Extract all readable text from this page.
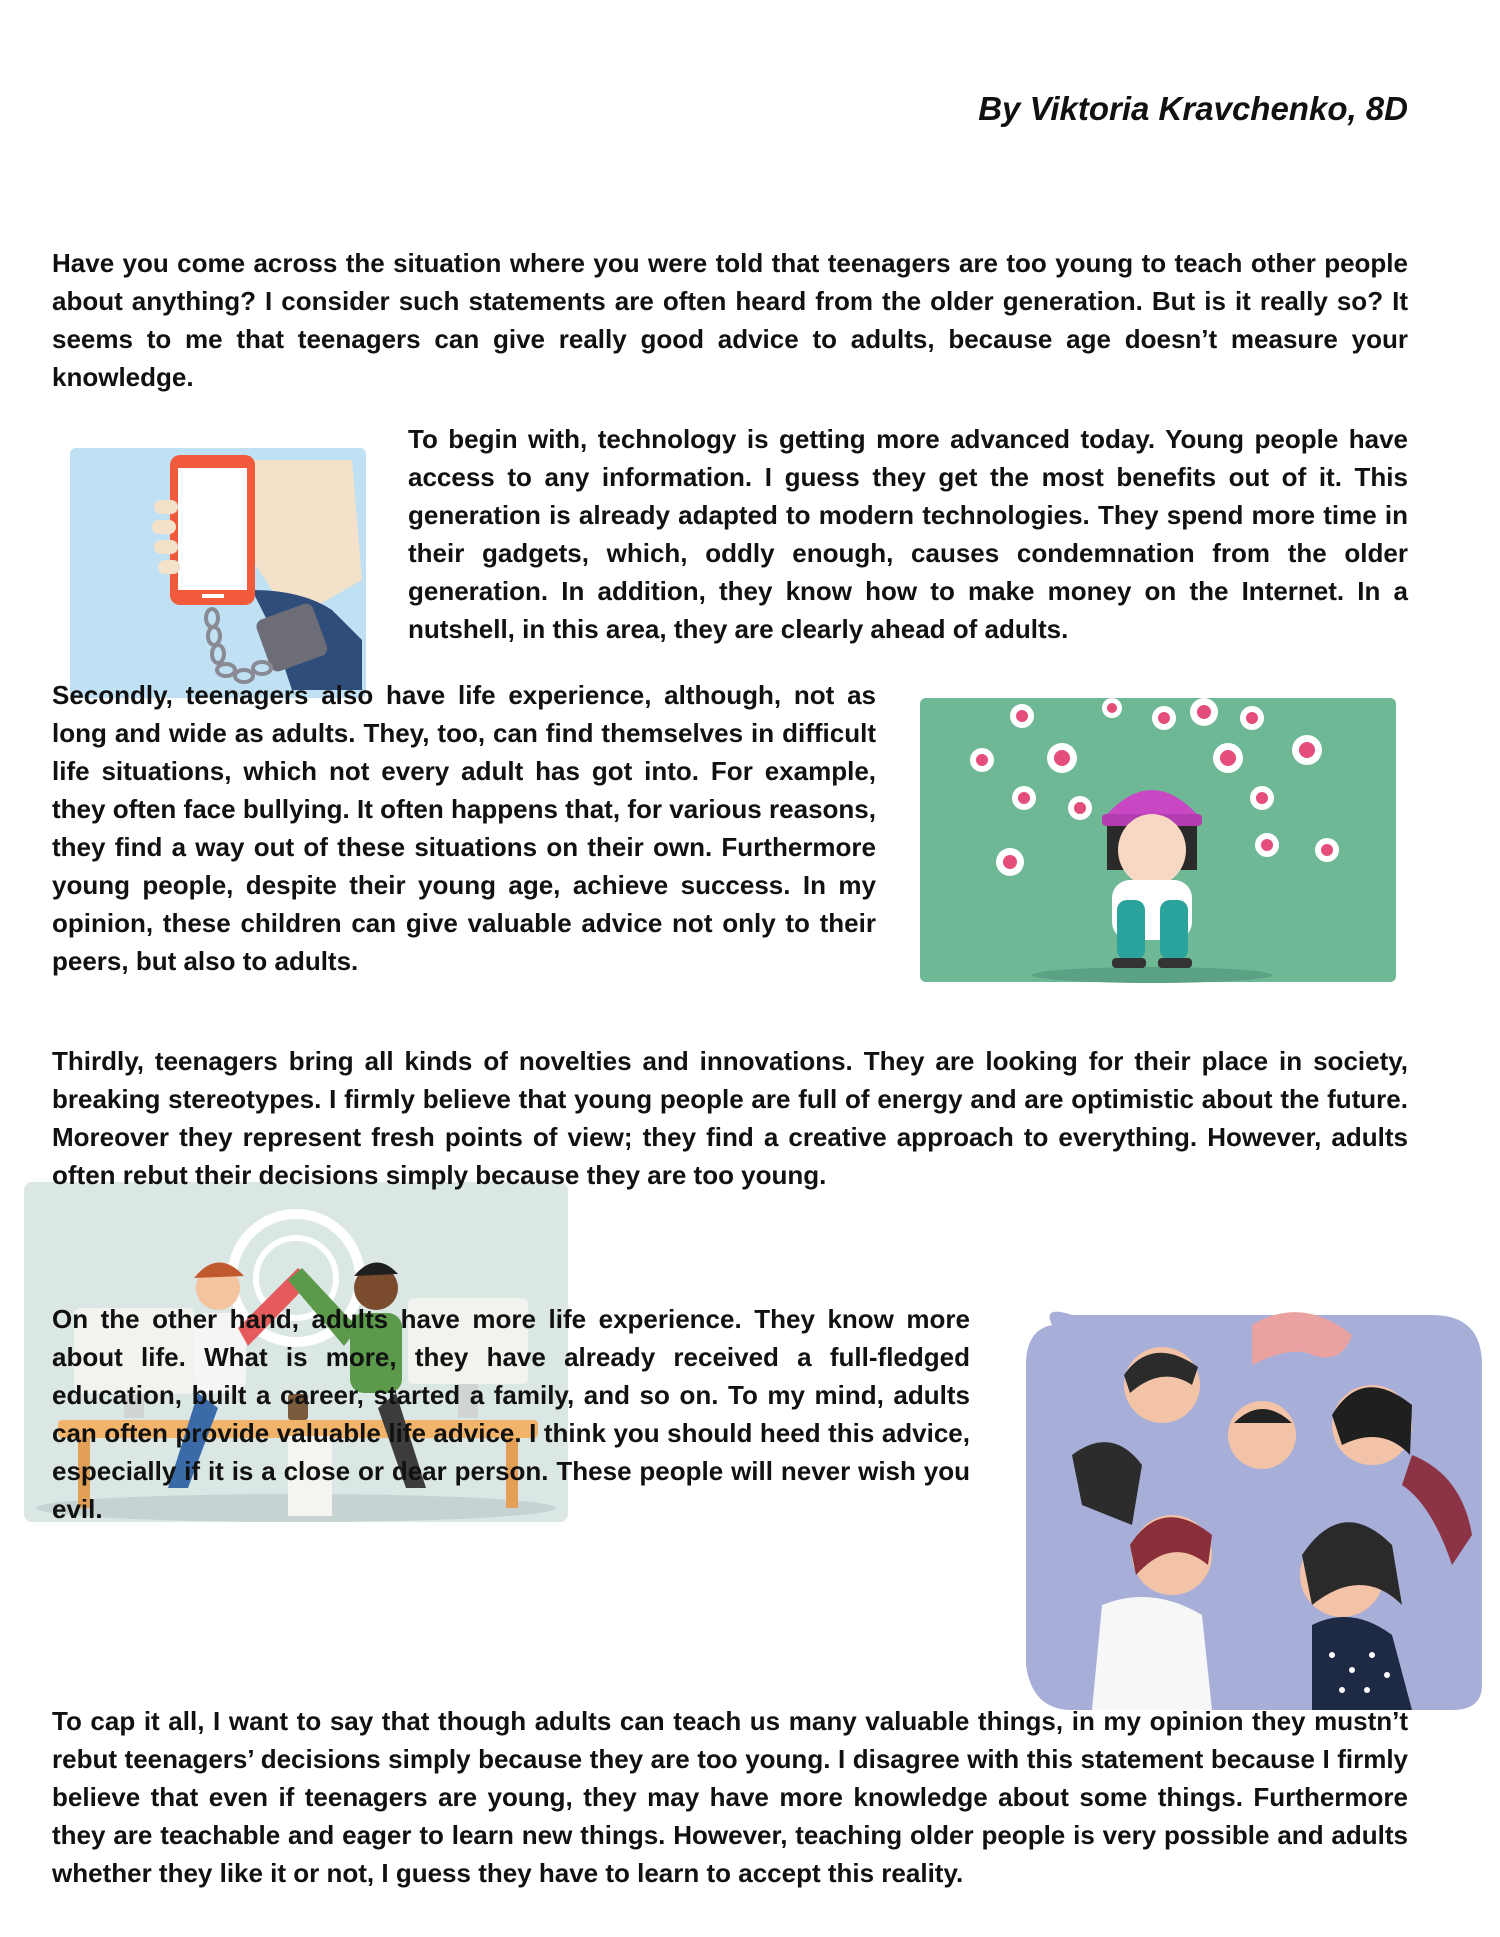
By Viktoria Kravchenko, 8D

Have you come across the situation where you were told that teenagers are too young to teach other people about anything? I consider such statements are often heard from the older generation. But is it really so? It seems to me that teenagers can give really good advice to adults, because age doesn’t measure your knowledge.

To begin with, technology is getting more advanced today. Young people have access to any information. I guess they get the most benefits out of it. This generation is already adapted to modern technologies. They spend more time in their gadgets, which, oddly enough, causes condemnation from the older generation. In addition, they know how to make money on the Internet. In a nutshell, in this area, they are clearly ahead of adults.

Secondly, teenagers also have life experience, although, not as long and wide as adults. They, too, can find themselves in difficult life situations, which not every adult has got into. For example, they often face bullying. It often happens that, for various reasons, they find a way out of these situations on their own. Furthermore young people, despite their young age, achieve success. In my opinion, these children can give valuable advice not only to their peers, but also to adults.

Thirdly, teenagers bring all kinds of novelties and innovations. They are looking for their place in society, breaking stereotypes. I firmly believe that young people are full of energy and are optimistic about the future. Moreover they represent fresh points of view; they find a creative approach to everything. However, adults often rebut their decisions simply because they are too young.

On the other hand, adults have more life experience. They know more about life. What is more, they have already received a full-fledged education, built a career, started a family, and so on. To my mind, adults can often provide valuable life advice. I think you should heed this advice, especially if it is a close or dear person. These people will never wish you evil.

To cap it all, I want to say that though adults can teach us many valuable things, in my opinion they mustn’t rebut teenagers’ decisions simply because they are too young. I disagree with this statement because I firmly believe that even if teenagers are young, they may have more knowledge about some things. Furthermore they are teachable and eager to learn new things. However, teaching older people is very possible and adults whether they like it or not, I guess they have to learn to accept this reality.
